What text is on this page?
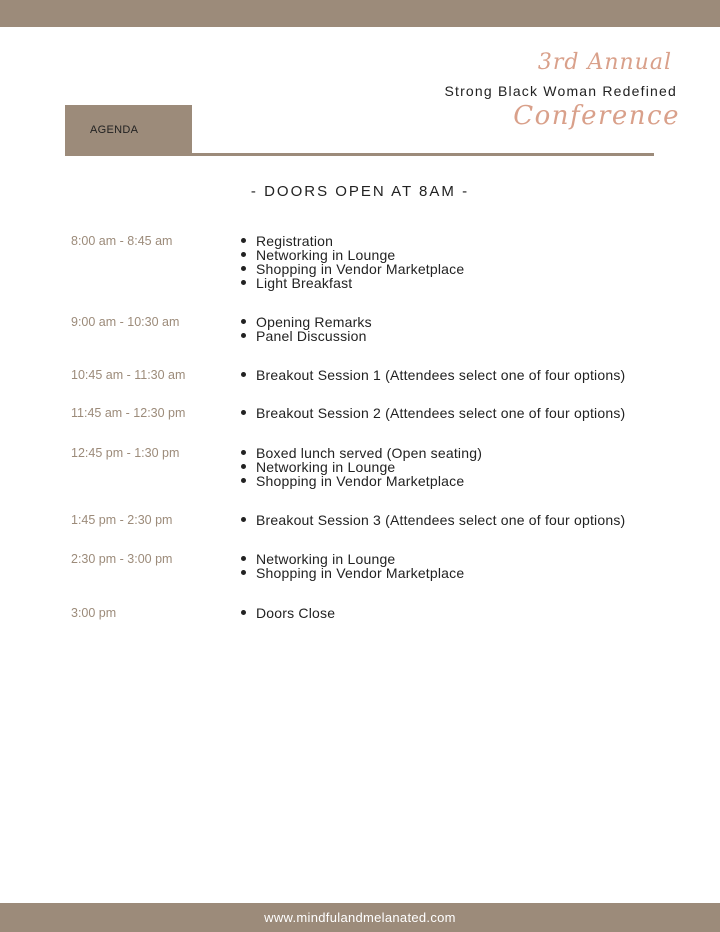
3rd Annual
Strong Black Woman Redefined
Conference
AGENDA
- DOORS OPEN AT 8AM -
8:00 am - 8:45 am	Registration
Networking in Lounge
Shopping in Vendor Marketplace
Light Breakfast
9:00 am - 10:30 am	Opening Remarks
Panel Discussion
10:45 am - 11:30 am	Breakout Session 1 (Attendees select one of four options)
11:45 am - 12:30 pm	Breakout Session 2 (Attendees select one of four options)
12:45 pm - 1:30 pm	Boxed lunch served (Open seating)
Networking in Lounge
Shopping in Vendor Marketplace
1:45 pm - 2:30 pm	Breakout Session 3 (Attendees select one of four options)
2:30 pm - 3:00 pm	Networking in Lounge
Shopping in Vendor Marketplace
3:00 pm	Doors Close
www.mindfulandmelanated.com
